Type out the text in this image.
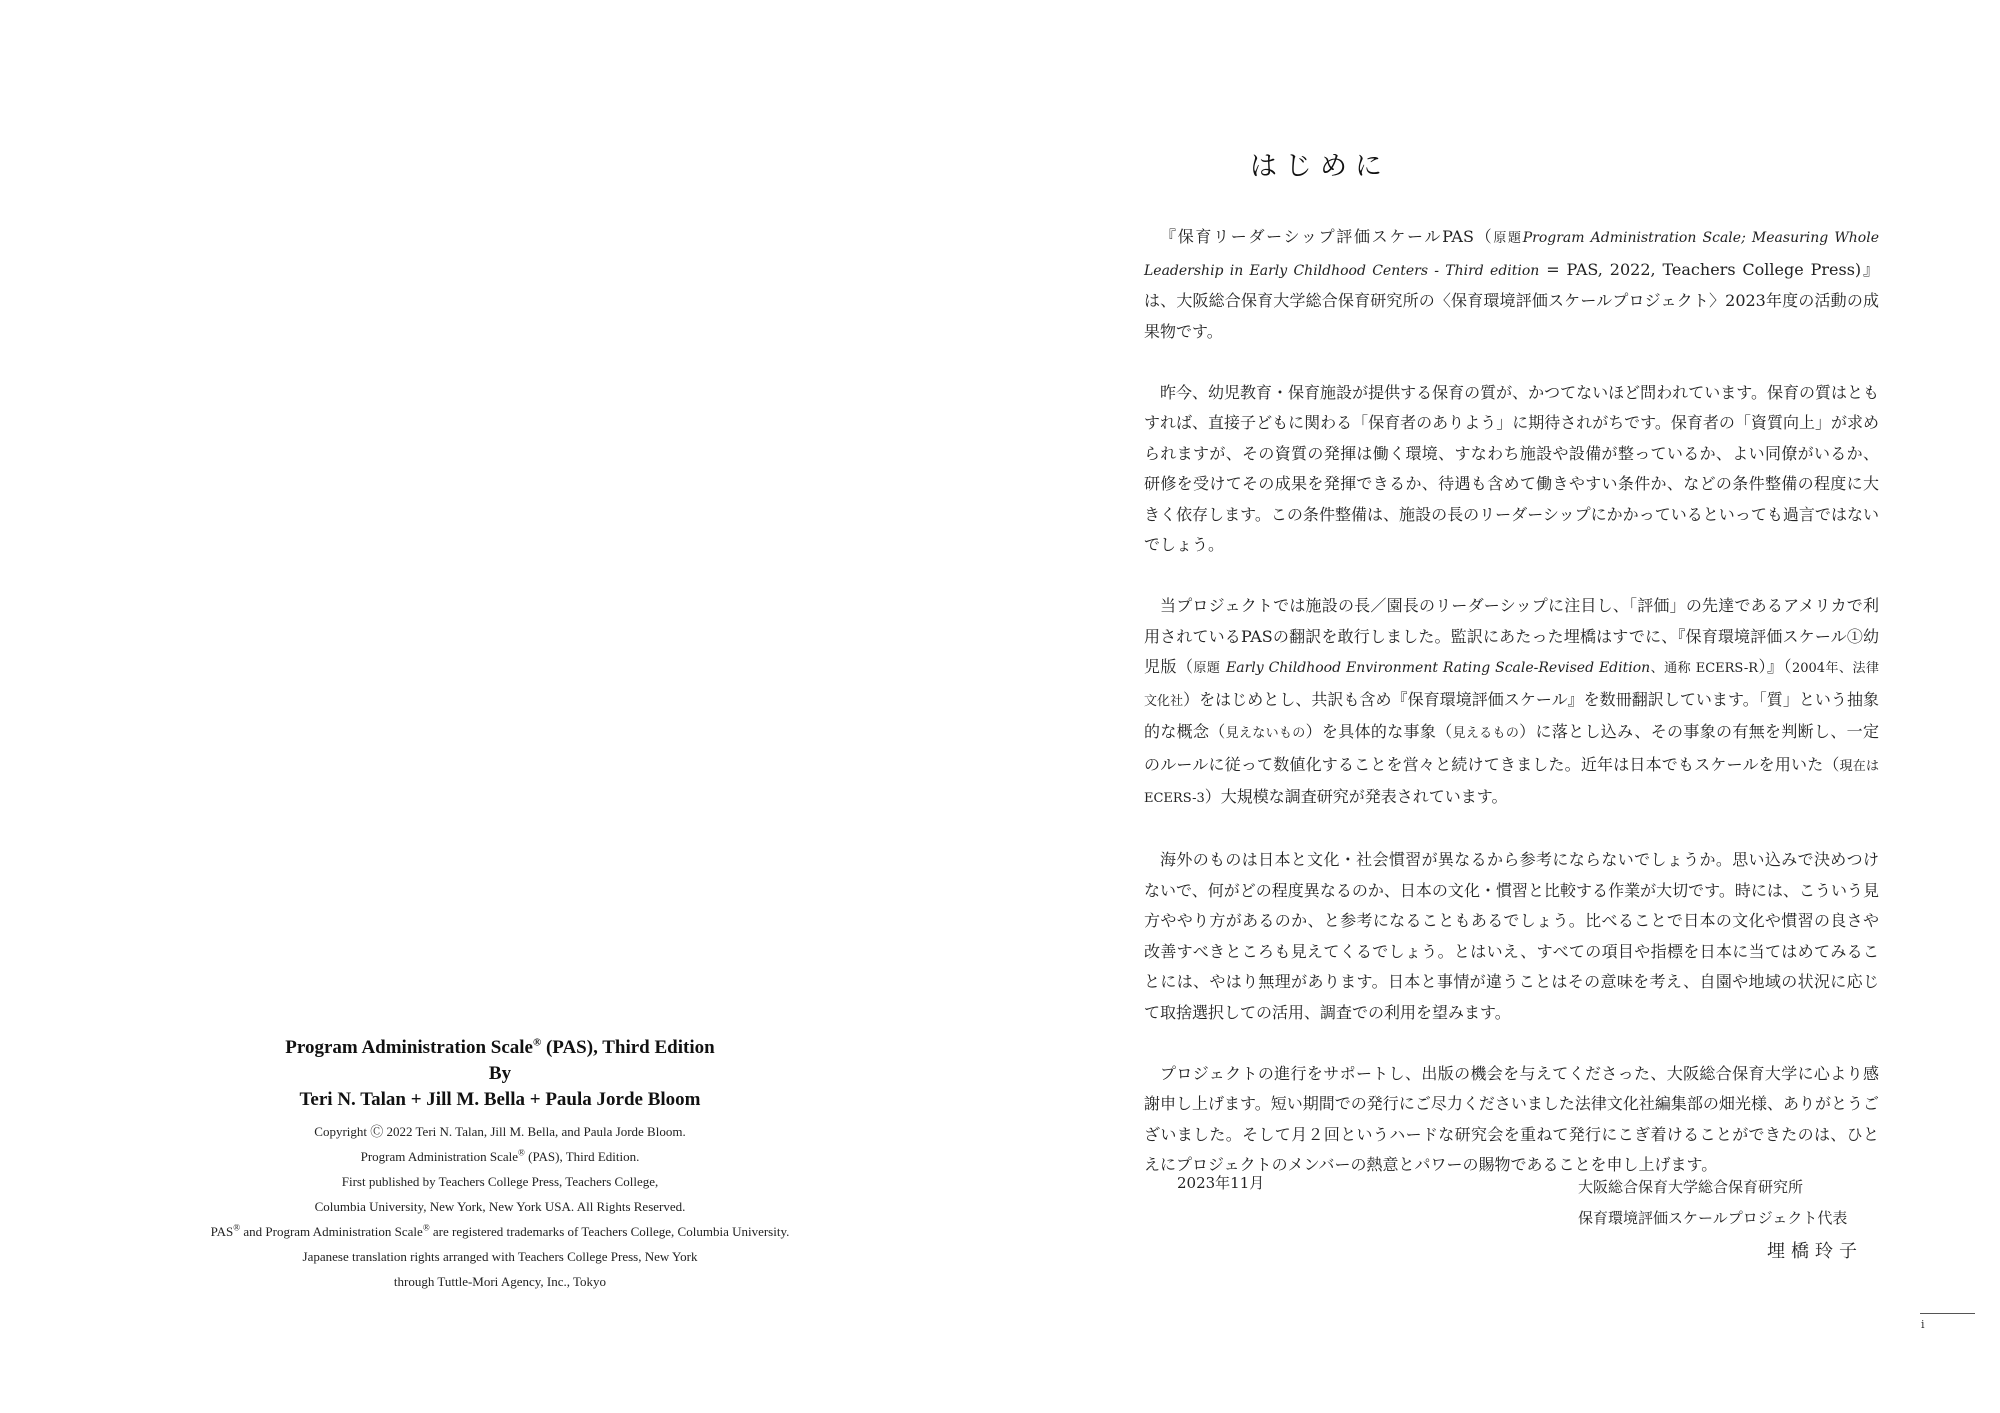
Program Administration Scale® (PAS), Third Edition
By
Teri N. Talan + Jill M. Bella + Paula Jorde Bloom
Copyright Ⓒ 2022 Teri N. Talan, Jill M. Bella, and Paula Jorde Bloom.
Program Administration Scale® (PAS), Third Edition.
First published by Teachers College Press, Teachers College,
Columbia University, New York, New York USA. All Rights Reserved.
PAS® and Program Administration Scale® are registered trademarks of Teachers College, Columbia University.
Japanese translation rights arranged with Teachers College Press, New York
through Tuttle-Mori Agency, Inc., Tokyo
はじめに

『保育リーダーシップ評価スケールPAS（原題Program Administration Scale; Measuring Whole Leadership in Early Childhood Centers - Third edition = PAS, 2022, Teachers College Press)』は、大阪総合保育大学総合保育研究所の〈保育環境評価スケールプロジェクト〉2023年度の活動の成果物です。

昨今、幼児教育・保育施設が提供する保育の質が、かつてないほど問われています。保育の質はともすれば、直接子どもに関わる「保育者のありよう」に期待されがちです。保育者の「資質向上」が求められますが、その資質の発揮は働く環境、すなわち施設や設備が整っているか、よい同僚がいるか、研修を受けてその成果を発揮できるか、待遇も含めて働きやすい条件か、などの条件整備の程度に大きく依存します。この条件整備は、施設の長のリーダーシップにかかっているといっても過言ではないでしょう。

当プロジェクトでは施設の長／園長のリーダーシップに注目し、「評価」の先達であるアメリカで利用されているPASの翻訳を敢行しました。監訳にあたった埋橋はすでに、『保育環境評価スケール①幼児版（原題 Early Childhood Environment Rating Scale-Revised Edition、通称 ECERS-R）』（2004年、法律文化社）をはじめとし、共訳も含め『保育環境評価スケール』を数冊翻訳しています。「質」という抽象的な概念（見えないもの）を具体的な事象（見えるもの）に落とし込み、その事象の有無を判断し、一定のルールに従って数値化することを営々と続けてきました。近年は日本でもスケールを用いた（現在は ECERS-3）大規模な調査研究が発表されています。

海外のものは日本と文化・社会慣習が異なるから参考にならないでしょうか。思い込みで決めつけないで、何がどの程度異なるのか、日本の文化・慣習と比較する作業が大切です。時には、こういう見方ややり方があるのか、と参考になることもあるでしょう。比べることで日本の文化や慣習の良さや改善すべきところも見えてくるでしょう。とはいえ、すべての項目や指標を日本に当てはめてみることには、やはり無理があります。日本と事情が違うことはその意味を考え、自園や地域の状況に応じて取捨選択しての活用、調査での利用を望みます。

プロジェクトの進行をサポートし、出版の機会を与えてくださった、大阪総合保育大学に心より感謝申し上げます。短い期間での発行にご尽力くださいました法律文化社編集部の畑光様、ありがとうございました。そして月２回というハードな研究会を重ねて発行にこぎ着けることができたのは、ひとえにプロジェクトのメンバーの熱意とパワーの賜物であることを申し上げます。

2023年11月	大阪総合保育大学総合保育研究所
保育環境評価スケールプロジェクト代表
埋橋玲子
i
